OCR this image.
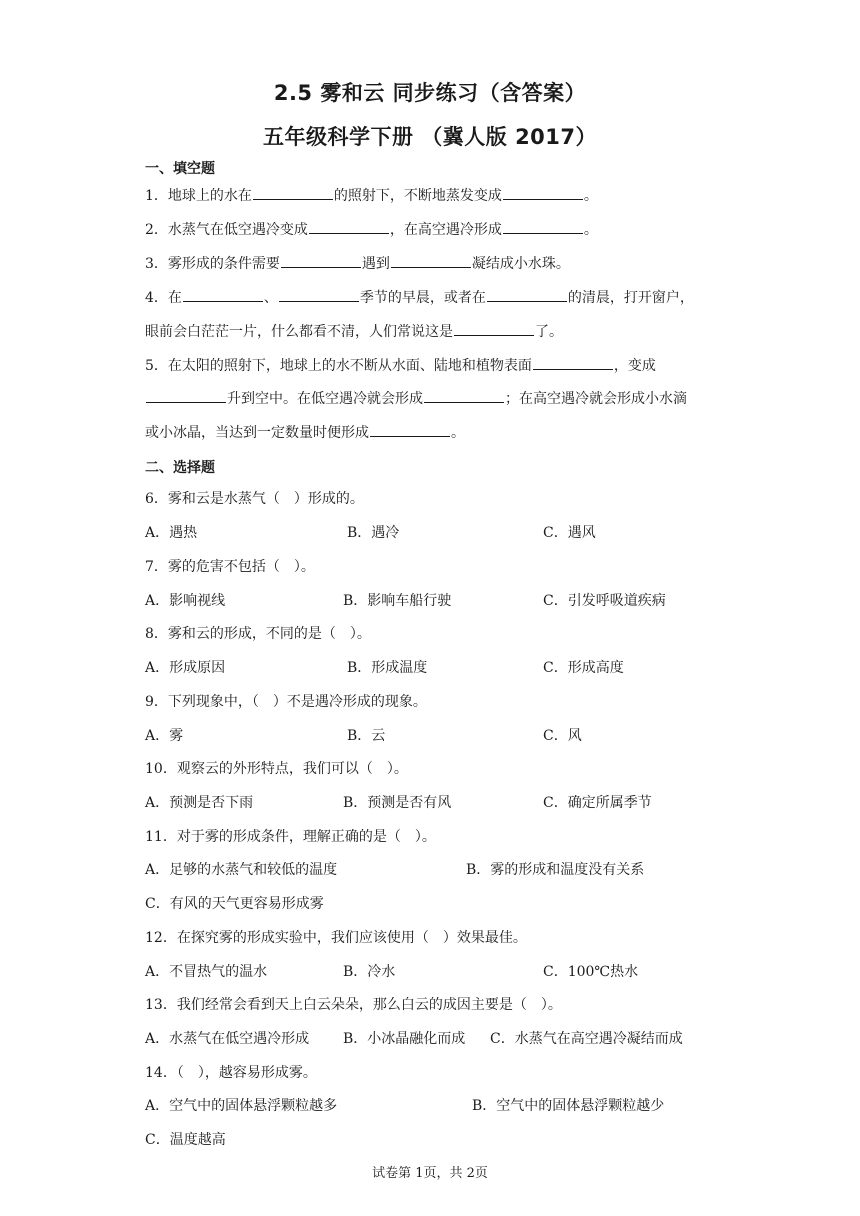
2.5 雾和云 同步练习（含答案）
五年级科学下册 （冀人版 2017）
一、填空题
1．地球上的水在	的照射下，不断地蒸发变成	。
2．水蒸气在低空遇冷变成	，在高空遇冷形成	。
3．雾形成的条件需要	遇到	凝结成小水珠。
4．在	、	季节的早晨，或者在	的清晨，打开窗户，
眼前会白茫茫一片，什么都看不清，人们常说这是	了。
5．在太阳的照射下，地球上的水不断从水面、陆地和植物表面	，变成
升到空中。在低空遇冷就会形成	；在高空遇冷就会形成小水滴
或小冰晶，当达到一定数量时便形成	。
二、选择题
6．雾和云是水蒸气（　）形成的。
A．遇热	B．遇冷	C．遇风
7．雾的危害不包括（　）。
A．影响视线	B．影响车船行驶	C．引发呼吸道疾病
8．雾和云的形成，不同的是（　）。
A．形成原因	B．形成温度	C．形成高度
9．下列现象中，（　）不是遇冷形成的现象。
A．雾	B．云	C．风
10．观察云的外形特点，我们可以（　）。
A．预测是否下雨	B．预测是否有风	C．确定所属季节
11．对于雾的形成条件，理解正确的是（　）。
A．足够的水蒸气和较低的温度	B．雾的形成和温度没有关系
C．有风的天气更容易形成雾
12．在探究雾的形成实验中，我们应该使用（　）效果最佳。
A．不冒热气的温水	B．冷水	C．100℃热水
13．我们经常会看到天上白云朵朵，那么白云的成因主要是（　）。
A．水蒸气在低空遇冷形成 B．小冰晶融化而成 C．水蒸气在高空遇冷凝结而成
14．（　），越容易形成雾。
A．空气中的固体悬浮颗粒越多	B．空气中的固体悬浮颗粒越少
C．温度越高
试卷第 1页，共 2页
